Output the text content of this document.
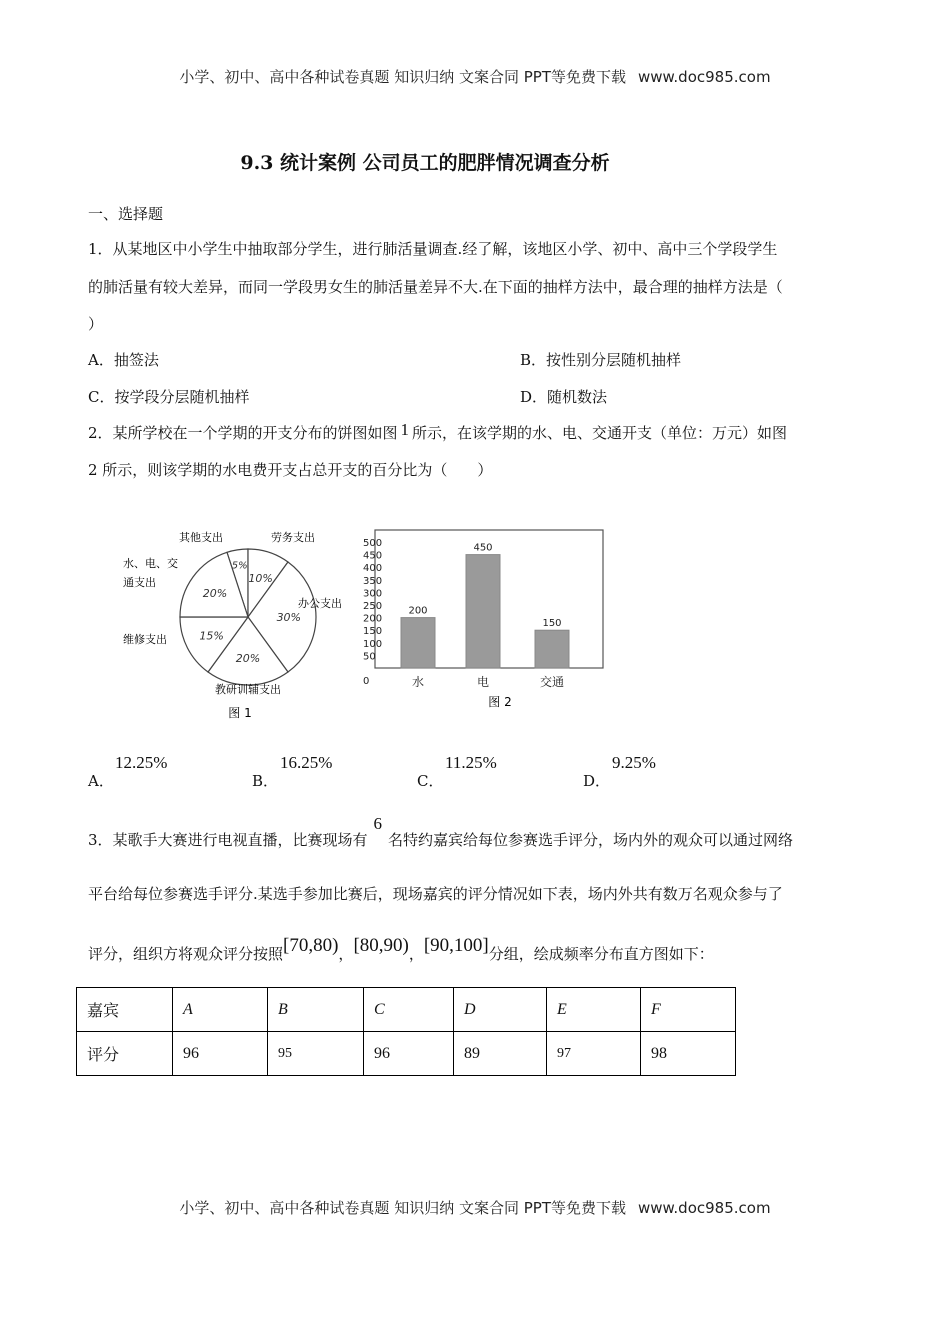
小学、初中、高中各种试卷真题 知识归纳 文案合同 PPT等免费下载 www.doc985.com
9.3 统计案例 公司员工的肥胖情况调查分析
一、选择题
1．从某地区中小学生中抽取部分学生，进行肺活量调查.经了解，该地区小学、初中、高中三个学段学生
的肺活量有较大差异，而同一学段男女生的肺活量差异不大.在下面的抽样方法中，最合理的抽样方法是（
）
A．抽签法	B．按性别分层随机抽样
C．按学段分层随机抽样	D．随机数法
2．某所学校在一个学期的开支分布的饼图如图 1 所示，在该学期的水、电、交通开支（单位：万元）如图
2 所示，则该学期的水电费开支占总开支的百分比为（　　）
5%
10%
30%
20%
15%
20%
其他支出	劳务支出
办公支出
教研训辅支出
维修支出
水、电、交
通支出
图 1
0
50
100
150
200
250
300
350
400
450
500
200
水
450
电
150
交通
图 2
A．
12.25%
B．
16.25%
C．
11.25%
D．
9.25%
3．某歌手大赛进行电视直播，比赛现场有6名特约嘉宾给每位参赛选手评分，场内外的观众可以通过网络
平台给每位参赛选手评分.某选手参加比赛后，现场嘉宾的评分情况如下表，场内外共有数万名观众参与了
评分，组织方将观众评分按照[70,80)，[80,90)，[90,100]分组，绘成频率分布直方图如下：
嘉宾	A	B	C	D	E	F
评分	96	95	96	89	97	98
小学、初中、高中各种试卷真题 知识归纳 文案合同 PPT等免费下载 www.doc985.com
